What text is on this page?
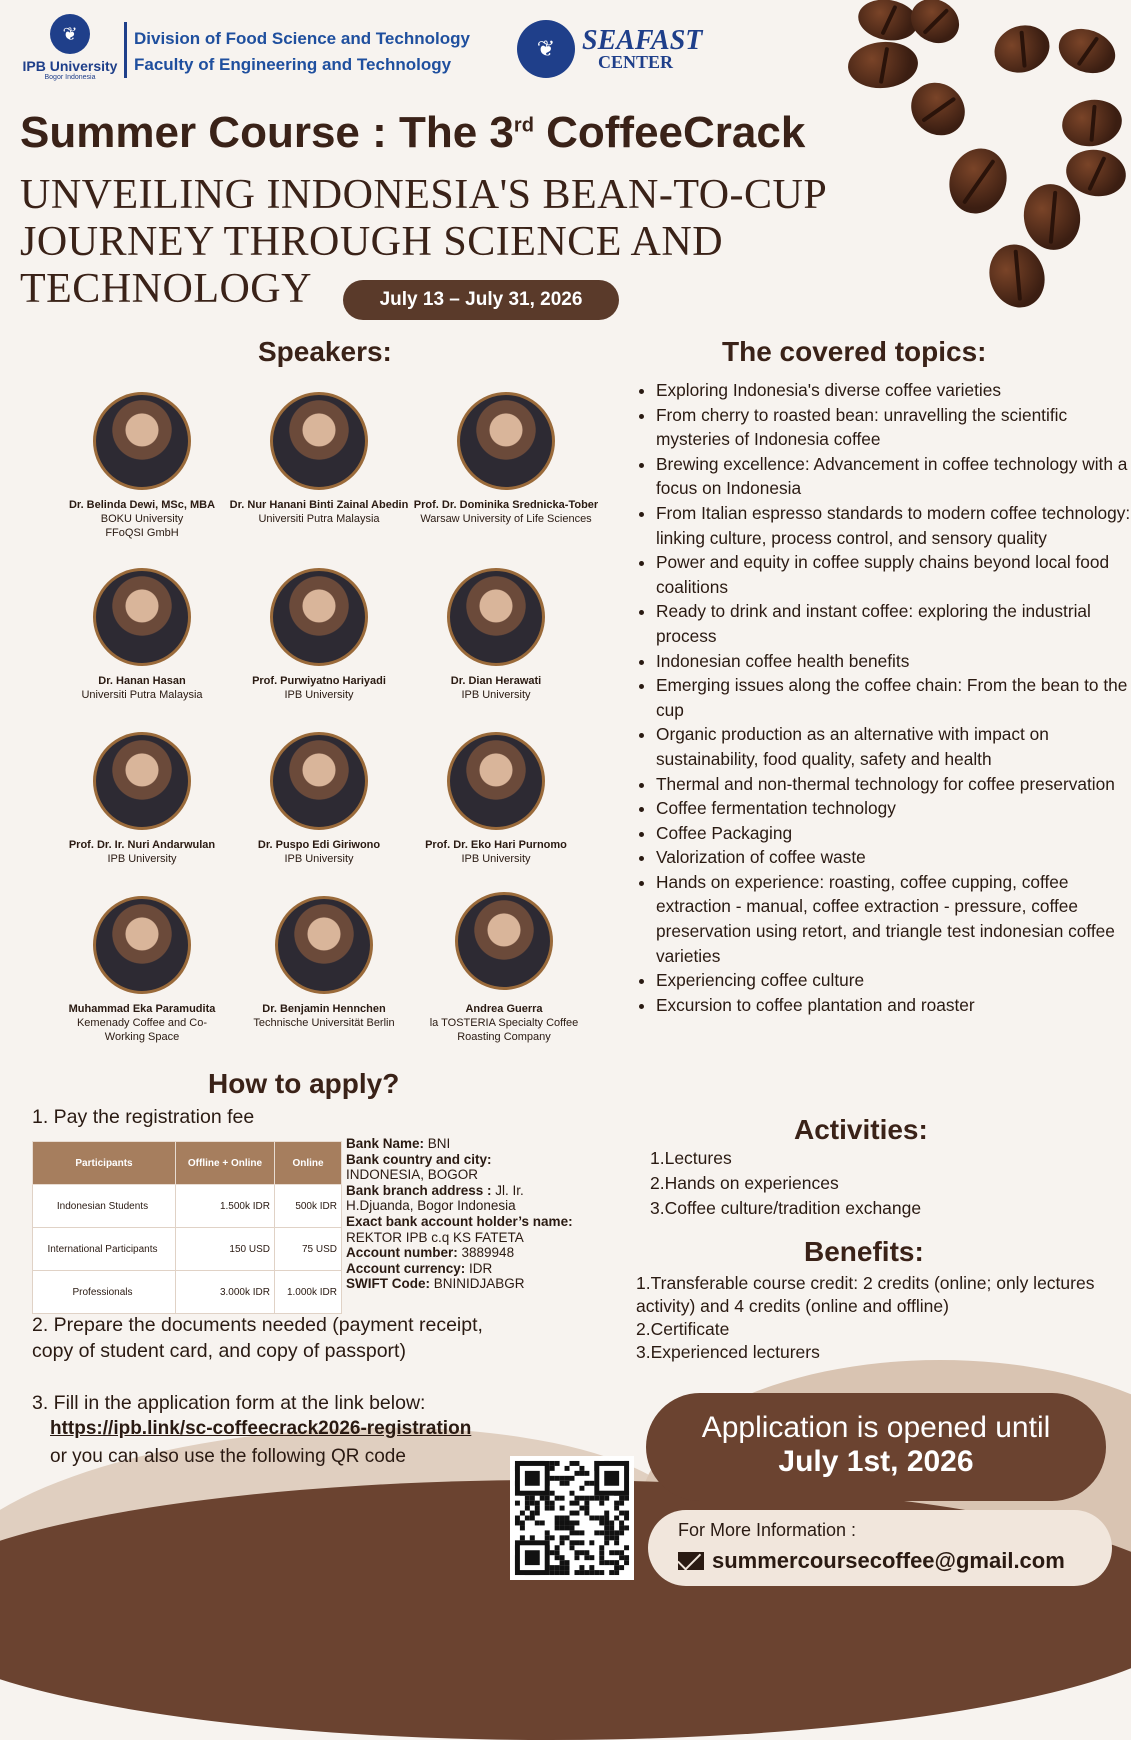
❦
IPB University
Bogor Indonesia
Division of Food Science and Technology
Faculty of Engineering and Technology
❦ SEAFAST
CENTER
Summer Course : The 3rd CoffeeCrack
UNVEILING INDONESIA'S BEAN-TO-CUP
JOURNEY THROUGH SCIENCE AND
TECHNOLOGY	July 13 – July 31, 2026
Speakers:
Dr. Belinda Dewi, MSc, MBA
BOKU University
FFoQSI GmbH
Dr. Nur Hanani Binti Zainal Abedin
Universiti Putra Malaysia
Prof. Dr. Dominika Srednicka-Tober
Warsaw University of Life Sciences
Dr. Hanan Hasan
Universiti Putra Malaysia
Prof. Purwiyatno Hariyadi
IPB University
Dr. Dian Herawati
IPB University
Prof. Dr. Ir. Nuri Andarwulan
IPB University
Dr. Puspo Edi Giriwono
IPB University
Prof. Dr. Eko Hari Purnomo
IPB University
Muhammad Eka Paramudita
Kemenady Coffee and Co-Working Space
Dr. Benjamin Hennchen
Technische Universität Berlin
Andrea Guerra
la TOSTERIA Specialty Coffee Roasting Company
The covered topics:
• Exploring Indonesia's diverse coffee varieties
• From cherry to roasted bean: unravelling the scientific mysteries of Indonesia coffee
• Brewing excellence: Advancement in coffee technology with a focus on Indonesia
• From Italian espresso standards to modern coffee technology: linking culture, process control, and sensory quality
• Power and equity in coffee supply chains beyond local food coalitions
• Ready to drink and instant coffee: exploring the industrial process
• Indonesian coffee health benefits
• Emerging issues along the coffee chain: From the bean to the cup
• Organic production as an alternative with impact on sustainability, food quality, safety and health
• Thermal and non-thermal technology for coffee preservation
• Coffee fermentation technology
• Coffee Packaging
• Valorization of coffee waste
• Hands on experience: roasting, coffee cupping, coffee extraction - manual, coffee extraction - pressure, coffee preservation using retort, and triangle test indonesian coffee varieties
• Experiencing coffee culture
• Excursion to coffee plantation and roaster
How to apply?
1. Pay the registration fee
Participants	Offline + Online	Online
Indonesian Students	1.500k IDR	500k IDR
International Participants	150 USD	75 USD
Professionals	3.000k IDR	1.000k IDR
Bank Name: BNI
Bank country and city:
INDONESIA, BOGOR
Bank branch address : Jl. Ir. H.Djuanda, Bogor Indonesia
Exact bank account holder’s name: REKTOR IPB c.q KS FATETA
Account number: 3889948
Account currency: IDR
SWIFT Code: BNINIDJABGR
2. Prepare the documents needed (payment receipt, copy of student card, and copy of passport)
3. Fill in the application form at the link below:
https://ipb.link/sc-coffeecrack2026-registration
or you can also use the following QR code
Activities:
1.Lectures
2.Hands on experiences
3.Coffee culture/tradition exchange
Benefits:
1.Transferable course credit: 2 credits (online; only lectures activity) and 4 credits (online and offline)
2.Certificate
3.Experienced lecturers
Application is opened until
July 1st, 2026
For More Information :
summercoursecoffee@gmail.com
